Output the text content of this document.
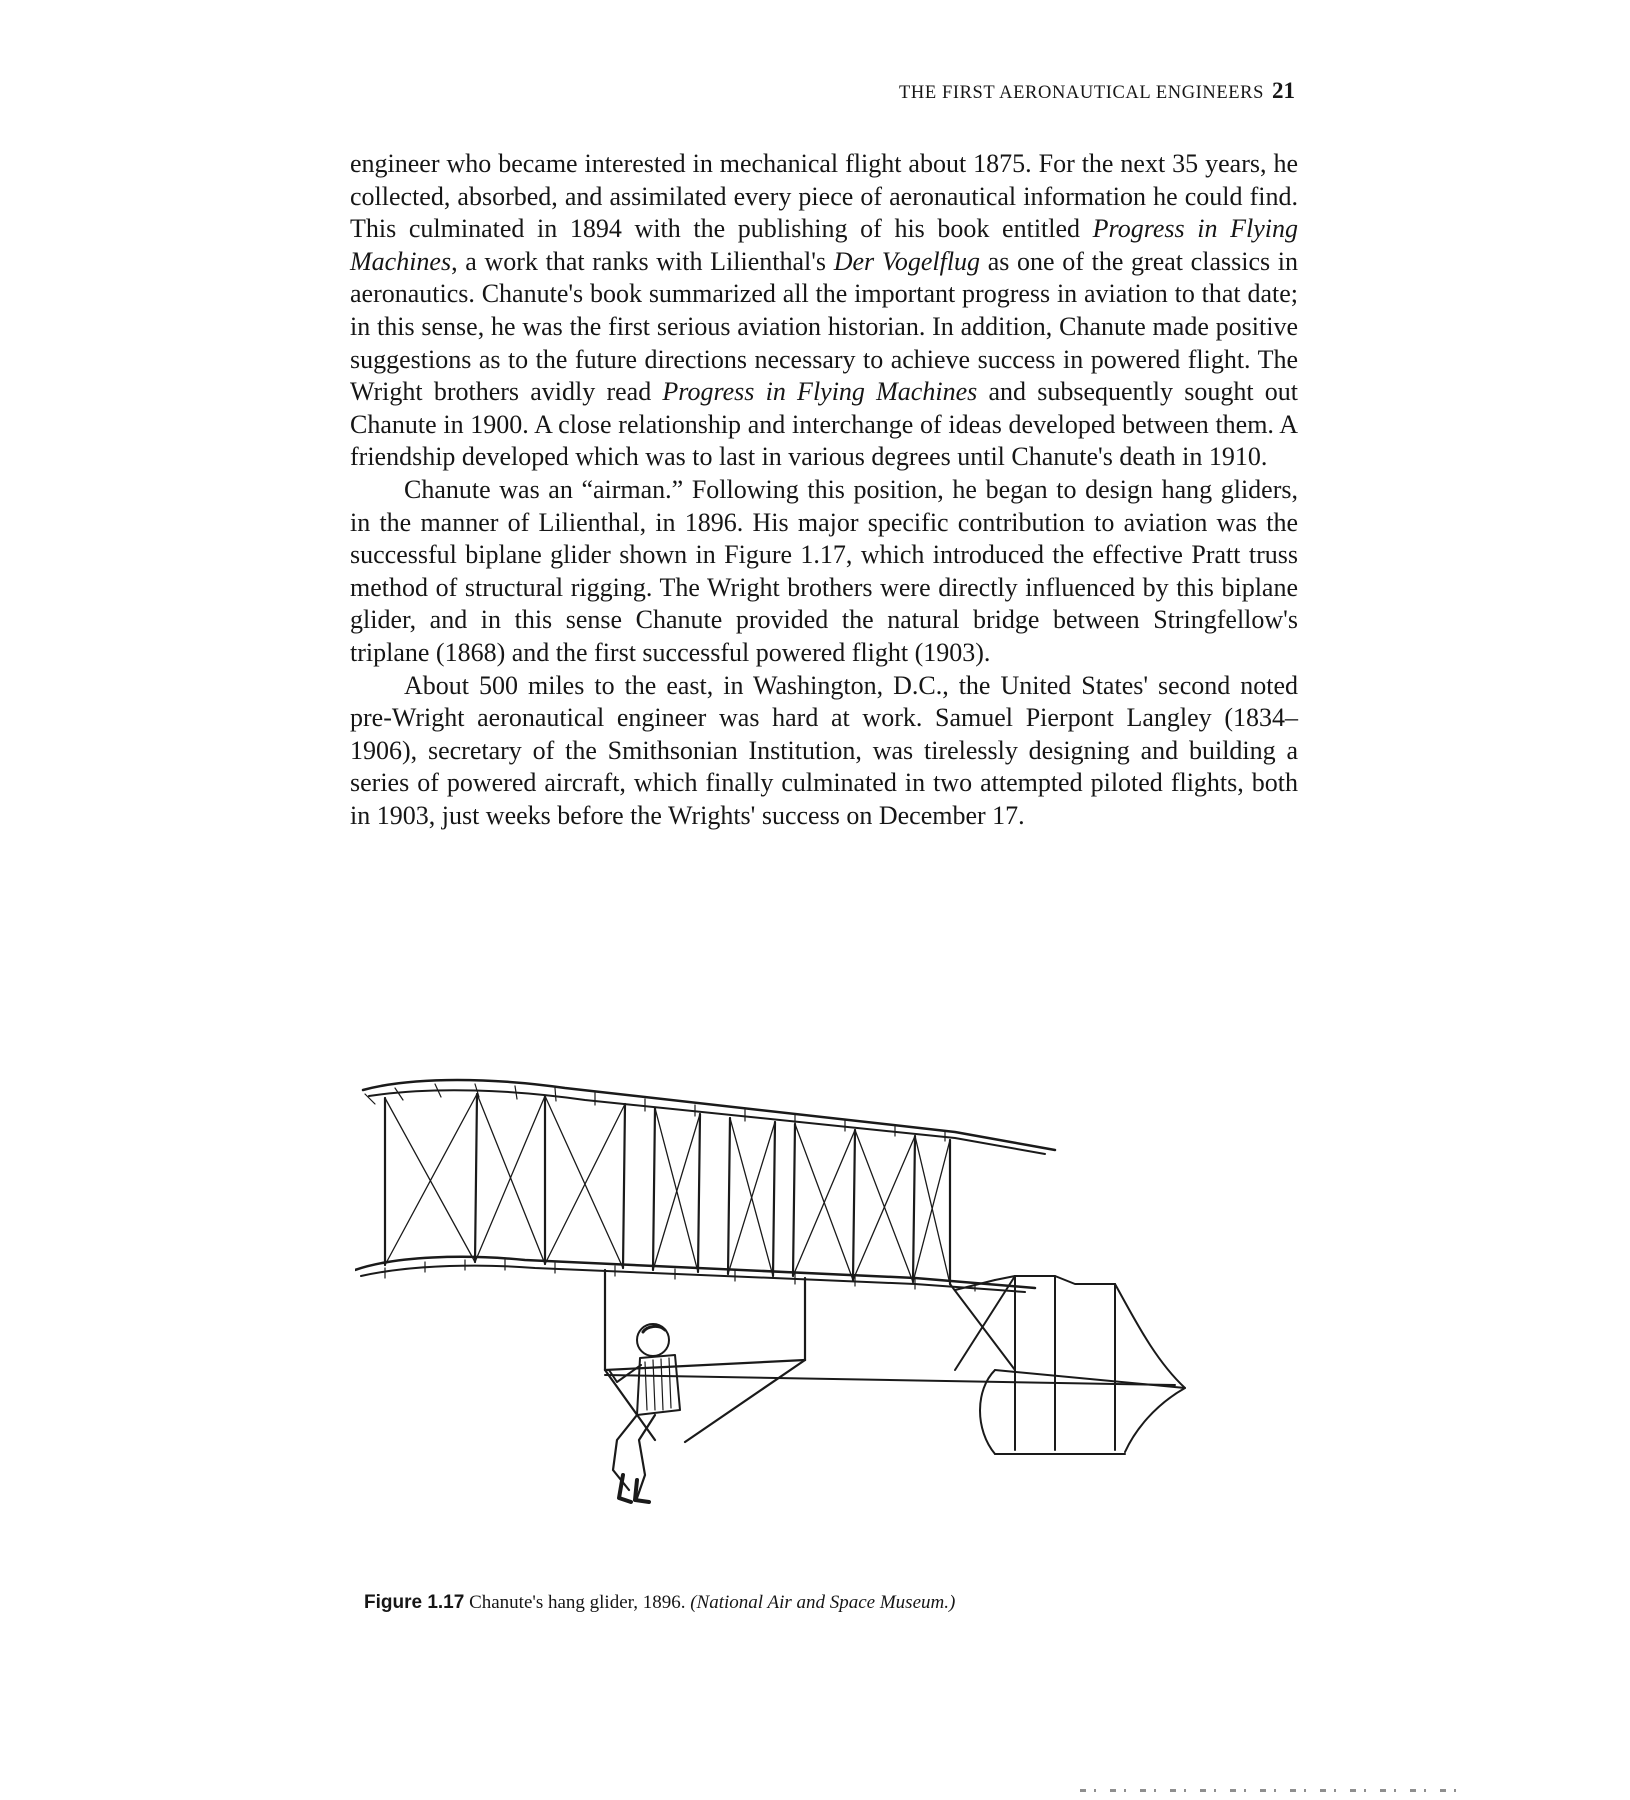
THE FIRST AERONAUTICAL ENGINEERS 21

engineer who became interested in mechanical flight about 1875. For the next 35 years, he collected, absorbed, and assimilated every piece of aeronautical information he could find. This culminated in 1894 with the publishing of his book entitled Progress in Flying Machines, a work that ranks with Lilienthal's Der Vogelflug as one of the great classics in aeronautics. Chanute's book summarized all the important progress in aviation to that date; in this sense, he was the first serious aviation historian. In addition, Chanute made positive suggestions as to the future directions necessary to achieve success in powered flight. The Wright brothers avidly read Progress in Flying Machines and subsequently sought out Chanute in 1900. A close relationship and interchange of ideas developed between them. A friendship developed which was to last in various degrees until Chanute's death in 1910.

Chanute was an “airman.” Following this position, he began to design hang gliders, in the manner of Lilienthal, in 1896. His major specific contribution to aviation was the successful biplane glider shown in Figure 1.17, which introduced the effective Pratt truss method of structural rigging. The Wright brothers were directly influenced by this biplane glider, and in this sense Chanute provided the natural bridge between Stringfellow's triplane (1868) and the first successful powered flight (1903).

About 500 miles to the east, in Washington, D.C., the United States' second noted pre-Wright aeronautical engineer was hard at work. Samuel Pierpont Langley (1834–1906), secretary of the Smithsonian Institution, was tirelessly designing and building a series of powered aircraft, which finally culminated in two attempted piloted flights, both in 1903, just weeks before the Wrights' success on December 17.

Figure 1.17 Chanute's hang glider, 1896. (National Air and Space Museum.)
